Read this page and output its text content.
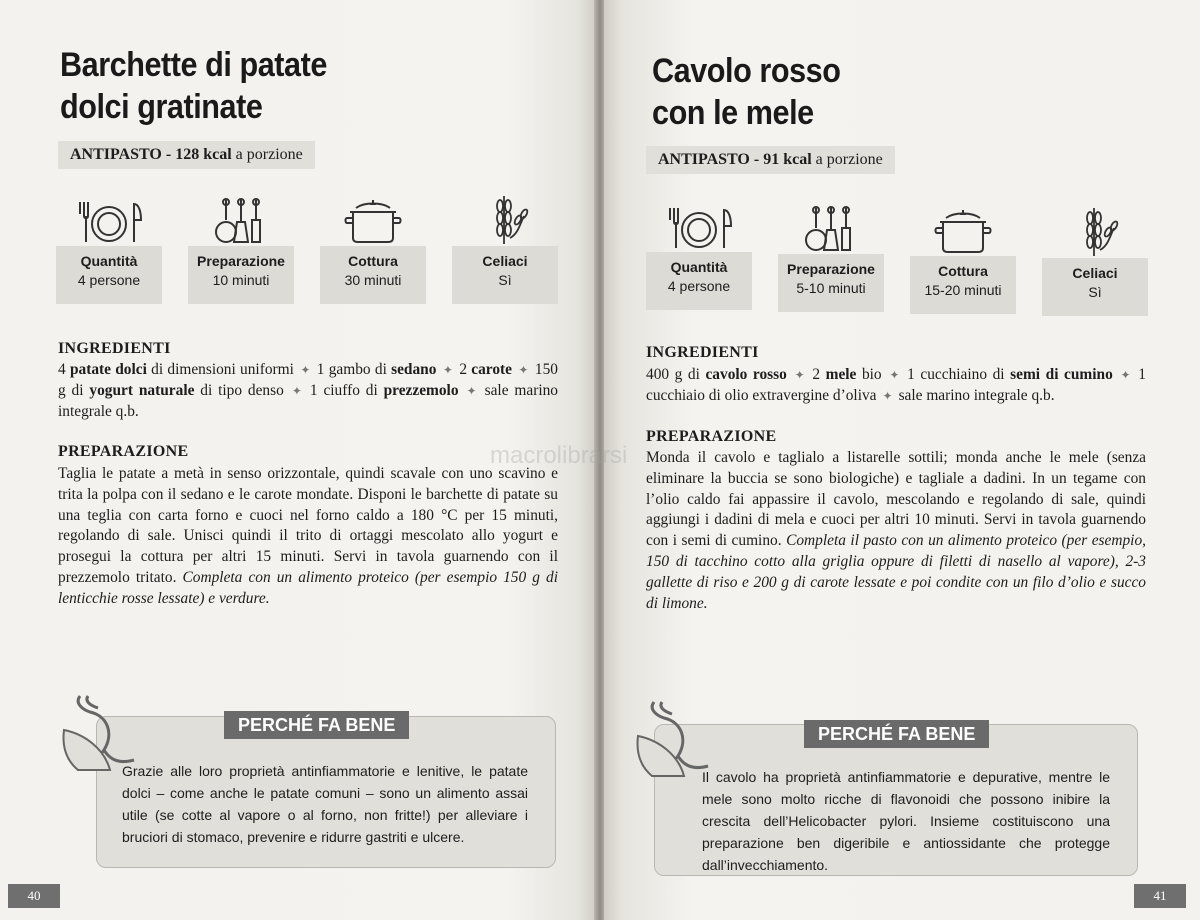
Barchette di patate
dolci gratinate
ANTIPASTO - 128 kcal a porzione
Quantità
4 persone
Preparazione
10 minuti
Cottura
30 minuti
Celiaci
Sì
INGREDIENTI
4 patate dolci di dimensioni uniformi ✦ 1 gambo di sedano ✦ 2 carote ✦ 150 g di yogurt naturale di tipo denso ✦ 1 ciuffo di prezzemolo ✦ sale marino integrale q.b.
PREPARAZIONE
Taglia le patate a metà in senso orizzontale, quindi scavale con uno scavino e trita la polpa con il sedano e le carote mondate. Disponi le barchette di patate su una teglia con carta forno e cuoci nel forno caldo a 180 °C per 15 minuti, regolando di sale. Unisci quindi il trito di ortaggi mescolato allo yogurt e prosegui la cottura per altri 15 minuti. Servi in tavola guarnendo con il prezzemolo tritato. Completa con un alimento proteico (per esempio 150 g di lenticchie rosse lessate) e verdure.
PERCHÉ FA BENE
Grazie alle loro proprietà antinfiammatorie e lenitive, le patate dolci – come anche le patate comuni – sono un alimento assai utile (se cotte al vapore o al forno, non fritte!) per alleviare i bruciori di stomaco, prevenire e ridurre gastriti e ulcere.
40
Cavolo rosso
con le mele
ANTIPASTO - 91 kcal a porzione
Quantità
4 persone
Preparazione
5-10 minuti
Cottura
15-20 minuti
Celiaci
Sì
INGREDIENTI
400 g di cavolo rosso ✦ 2 mele bio ✦ 1 cucchiaino di semi di cumino ✦ 1 cucchiaio di olio extravergine d’oliva ✦ sale marino integrale q.b.
PREPARAZIONE
Monda il cavolo e taglialo a listarelle sottili; monda anche le mele (senza eliminare la buccia se sono biologiche) e tagliale a dadini. In un tegame con l’olio caldo fai appassire il cavolo, mescolando e regolando di sale, quindi aggiungi i dadini di mela e cuoci per altri 10 minuti. Servi in tavola guarnendo con i semi di cumino. Completa il pasto con un alimento proteico (per esempio, 150 di tacchino cotto alla griglia oppure di filetti di nasello al vapore), 2-3 gallette di riso e 200 g di carote lessate e poi condite con un filo d’olio e succo di limone.
PERCHÉ FA BENE
Il cavolo ha proprietà antinfiammatorie e depurative, mentre le mele sono molto ricche di flavonoidi che possono inibire la crescita dell’Helicobacter pylori. Insieme costituiscono una preparazione ben digeribile e antiossidante che protegge dall’invecchiamento.
41
macrolibrarsi
